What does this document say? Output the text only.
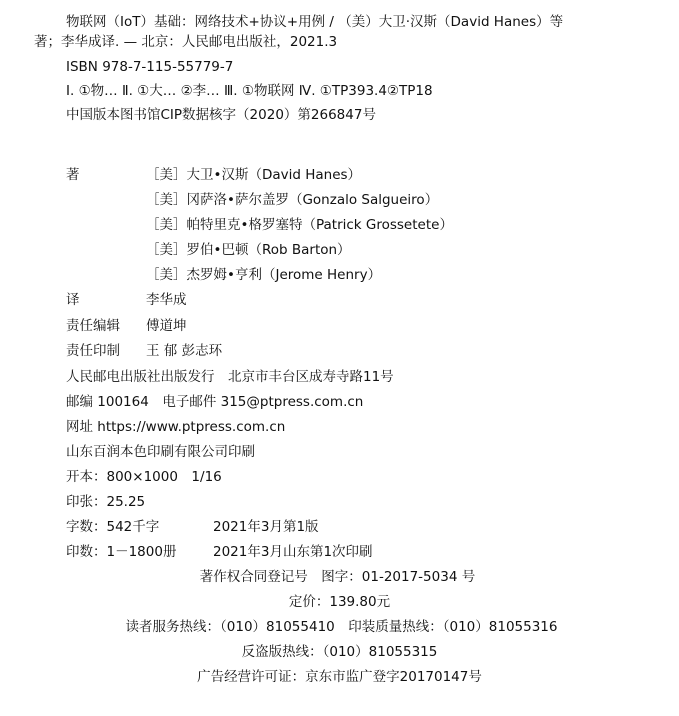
物联网（IoT）基础：网络技术+协议+用例 / （美）大卫·汉斯（David Hanes）等
著；李华成译. — 北京：人民邮电出版社，2021.3
ISBN 978-7-115-55779-7
Ⅰ. ①物… Ⅱ. ①大… ②李… Ⅲ. ①物联网 Ⅳ. ①TP393.4②TP18
中国版本图书馆CIP数据核字（2020）第266847号
著	［美］大卫•汉斯（David Hanes）
［美］冈萨洛•萨尔盖罗（Gonzalo Salgueiro）
［美］帕特里克•格罗塞特（Patrick Grossetete）
［美］罗伯•巴顿（Rob Barton）
［美］杰罗姆•亨利（Jerome Henry）
译	李华成
责任编辑 傅道坤
责任印制 王 郁 彭志环
人民邮电出版社出版发行　北京市丰台区成寿寺路11号
邮编 100164　电子邮件 315@ptpress.com.cn
网址 https://www.ptpress.com.cn
山东百润本色印刷有限公司印刷
开本：800×1000　1/16
印张：25.25
字数：542千字	2021年3月第1版
印数：1－1800册	2021年3月山东第1次印刷
著作权合同登记号　图字：01-2017-5034 号
定价：139.80元
读者服务热线：（010）81055410　印装质量热线：（010）81055316
反盗版热线：（010）81055315
广告经营许可证：京东市监广登字20170147号
